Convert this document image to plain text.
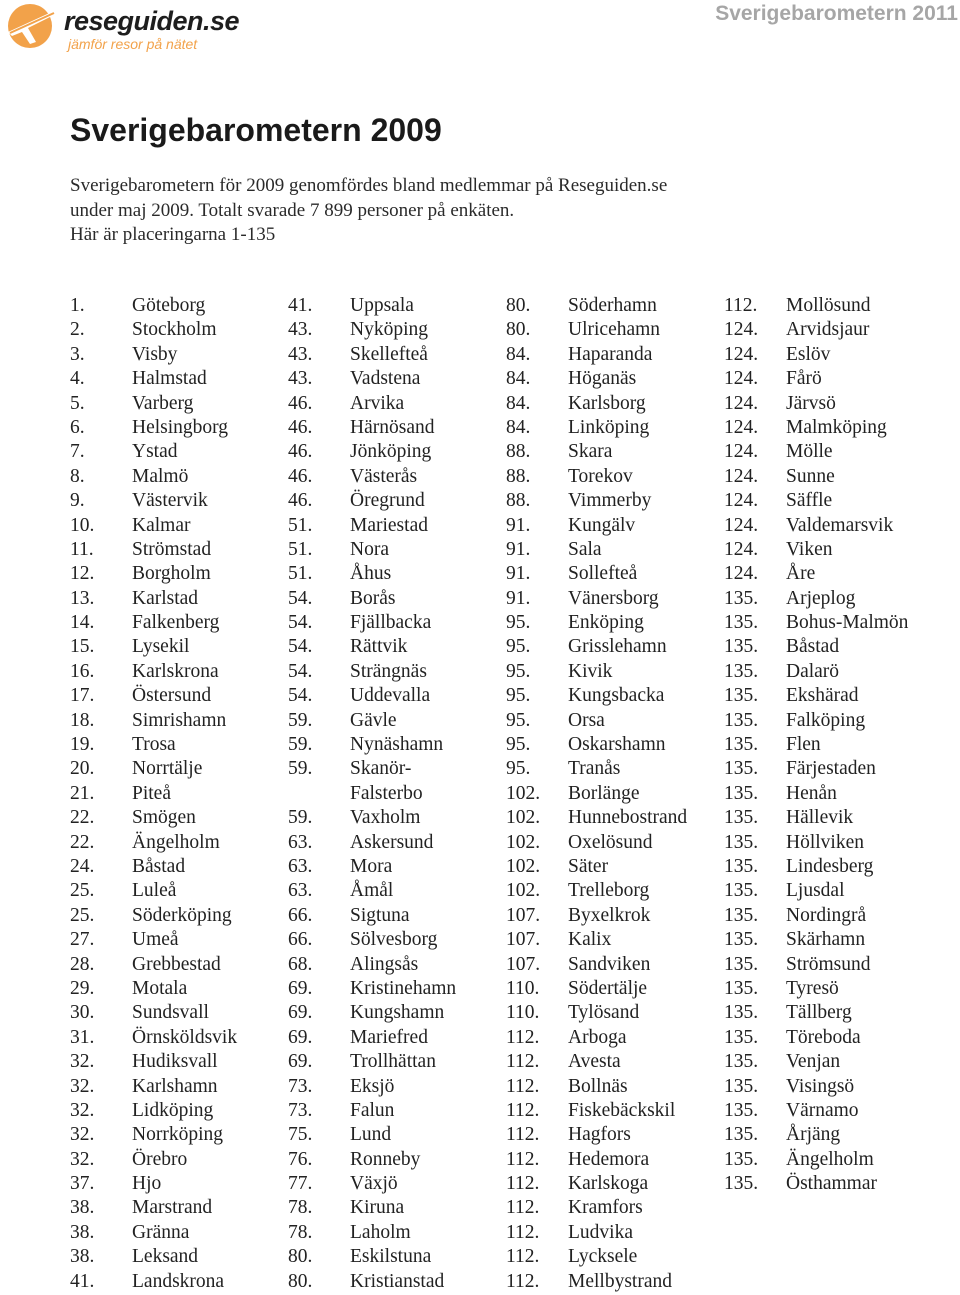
reseguiden.se
jämför resor på nätet
Sverigebarometern 2011
Sverigebarometern 2009

Sverigebarometern för 2009 genomfördes bland medlemmar på Reseguiden.se

under maj 2009. Totalt svarade 7 899 personer på enkäten.

Här är placeringarna 1-135

1. Göteborg
2. Stockholm
3. Visby
4. Halmstad
5. Varberg
6. Helsingborg
7. Ystad
8. Malmö
9. Västervik
10. Kalmar
11. Strömstad
12. Borgholm
13. Karlstad
14. Falkenberg
15. Lysekil
16. Karlskrona
17. Östersund
18. Simrishamn
19. Trosa
20. Norrtälje
21. Piteå
22. Smögen
22. Ängelholm
24. Båstad
25. Luleå
25. Söderköping
27. Umeå
28. Grebbestad
29. Motala
30. Sundsvall
31. Örnsköldsvik
32. Hudiksvall
32. Karlshamn
32. Lidköping
32. Norrköping
32. Örebro
37. Hjo
38. Marstrand
38. Gränna
38. Leksand
41. Landskrona
41. Uppsala
43. Nyköping
43. Skellefteå
43. Vadstena
46. Arvika
46. Härnösand
46. Jönköping
46. Västerås
46. Öregrund
51. Mariestad
51. Nora
51. Åhus
54. Borås
54. Fjällbacka
54. Rättvik
54. Strängnäs
54. Uddevalla
59. Gävle
59. Nynäshamn
59. Skanör-
Falsterbo
59. Vaxholm
63. Askersund
63. Mora
63. Åmål
66. Sigtuna
66. Sölvesborg
68. Alingsås
69. Kristinehamn
69. Kungshamn
69. Mariefred
69. Trollhättan
73. Eksjö
73. Falun
75. Lund
76. Ronneby
77. Växjö
78. Kiruna
78. Laholm
80. Eskilstuna
80. Kristianstad
80. Söderhamn
80. Ulricehamn
84. Haparanda
84. Höganäs
84. Karlsborg
84. Linköping
88. Skara
88. Torekov
88. Vimmerby
91. Kungälv
91. Sala
91. Sollefteå
91. Vänersborg
95. Enköping
95. Grisslehamn
95. Kivik
95. Kungsbacka
95. Orsa
95. Oskarshamn
95. Tranås
102. Borlänge
102. Hunnebostrand
102. Oxelösund
102. Säter
102. Trelleborg
107. Byxelkrok
107. Kalix
107. Sandviken
110. Södertälje
110. Tylösand
112. Arboga
112. Avesta
112. Bollnäs
112. Fiskebäckskil
112. Hagfors
112. Hedemora
112. Karlskoga
112. Kramfors
112. Ludvika
112. Lycksele
112. Mellbystrand
112. Mollösund
124. Arvidsjaur
124. Eslöv
124. Fårö
124. Järvsö
124. Malmköping
124. Mölle
124. Sunne
124. Säffle
124. Valdemarsvik
124. Viken
124. Åre
135. Arjeplog
135. Bohus-Malmön
135. Båstad
135. Dalarö
135. Ekshärad
135. Falköping
135. Flen
135. Färjestaden
135. Henån
135. Hällevik
135. Höllviken
135. Lindesberg
135. Ljusdal
135. Nordingrå
135. Skärhamn
135. Strömsund
135. Tyresö
135. Tällberg
135. Töreboda
135. Venjan
135. Visingsö
135. Värnamo
135. Årjäng
135. Ängelholm
135. Östhammar
